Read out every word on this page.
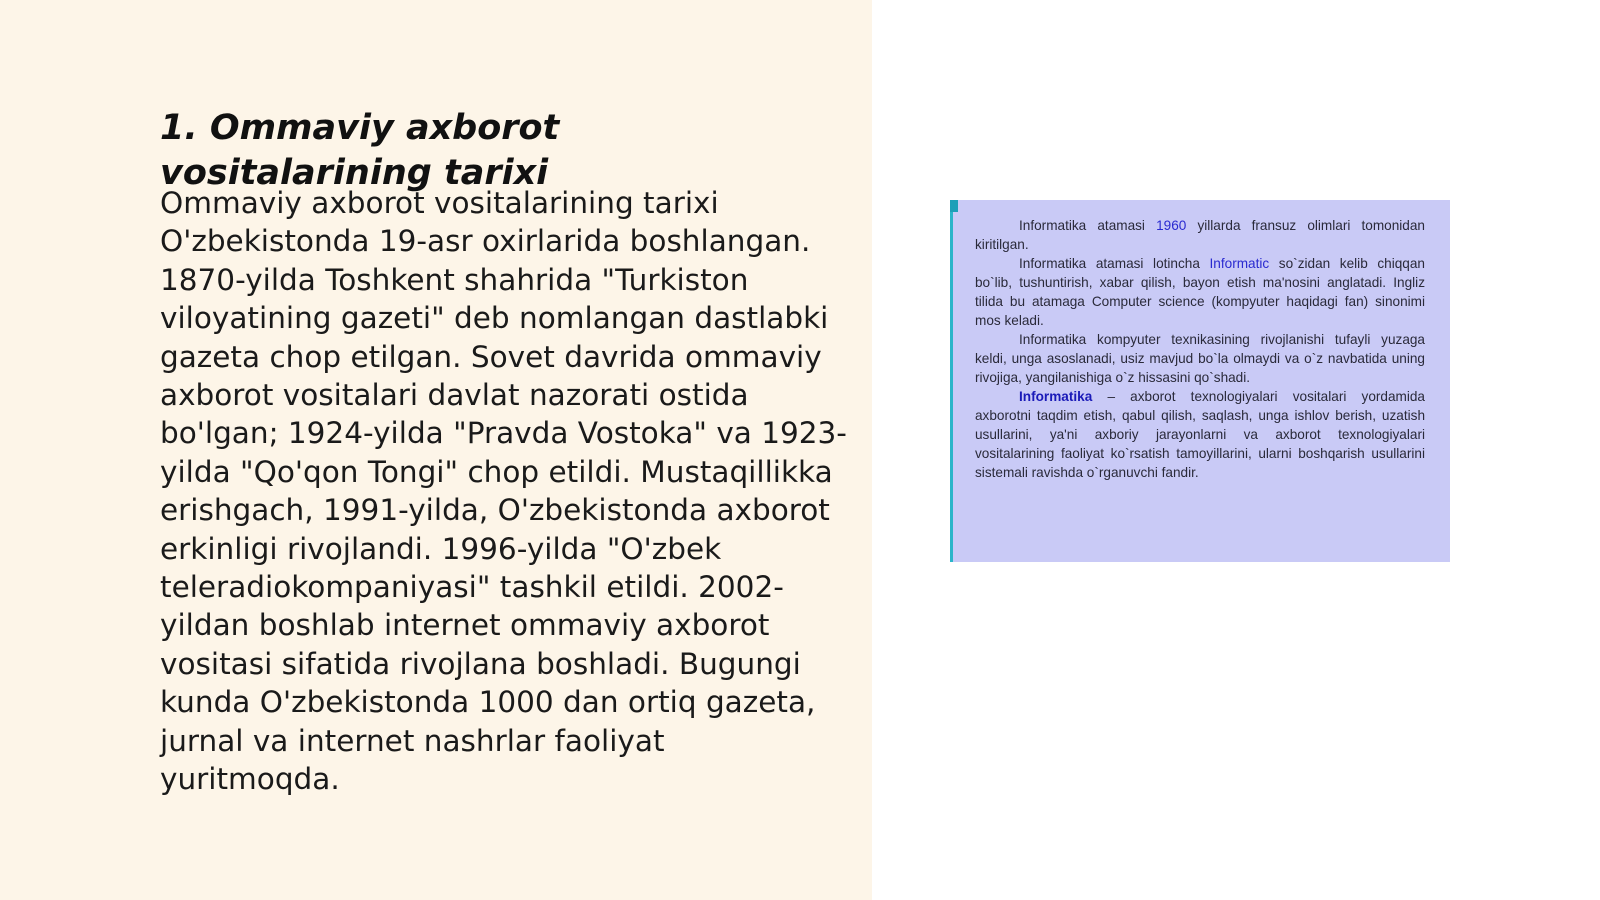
1. Ommaviy axborot vositalarining tarixi

Ommaviy axborot vositalarining tarixi O'zbekistonda 19-asr oxirlarida boshlangan. 1870-yilda Toshkent shahrida "Turkiston viloyatining gazeti" deb nomlangan dastlabki gazeta chop etilgan. Sovet davrida ommaviy axborot vositalari davlat nazorati ostida bo'lgan; 1924-yilda "Pravda Vostoka" va 1923-yilda "Qo'qon Tongi" chop etildi. Mustaqillikka erishgach, 1991-yilda, O'zbekistonda axborot erkinligi rivojlandi. 1996-yilda "O'zbek teleradiokompaniyasi" tashkil etildi. 2002-yildan boshlab internet ommaviy axborot vositasi sifatida rivojlana boshladi. Bugungi kunda O'zbekistonda 1000 dan ortiq gazeta, jurnal va internet nashrlar faoliyat yuritmoqda.

Informatika atamasi 1960 yillarda fransuz olimlari tomonidan kiritilgan.

Informatika atamasi lotincha Informatic so`zidan kelib chiqqan bo`lib, tushuntirish, xabar qilish, bayon etish ma'nosini anglatadi. Ingliz tilida bu atamaga Computer science (kompyuter haqidagi fan) sinonimi mos keladi.

Informatika kompyuter texnikasining rivojlanishi tufayli yuzaga keldi, unga asoslanadi, usiz mavjud bo`la olmaydi va o`z navbatida uning rivojiga, yangilanishiga o`z hissasini qo`shadi.

Informatika – axborot texnologiyalari vositalari yordamida axborotni taqdim etish, qabul qilish, saqlash, unga ishlov berish, uzatish usullarini, ya'ni axboriy jarayonlarni va axborot texnologiyalari vositalarining faoliyat ko`rsatish tamoyillarini, ularni boshqarish usullarini sistemali ravishda o`rganuvchi fandir.
